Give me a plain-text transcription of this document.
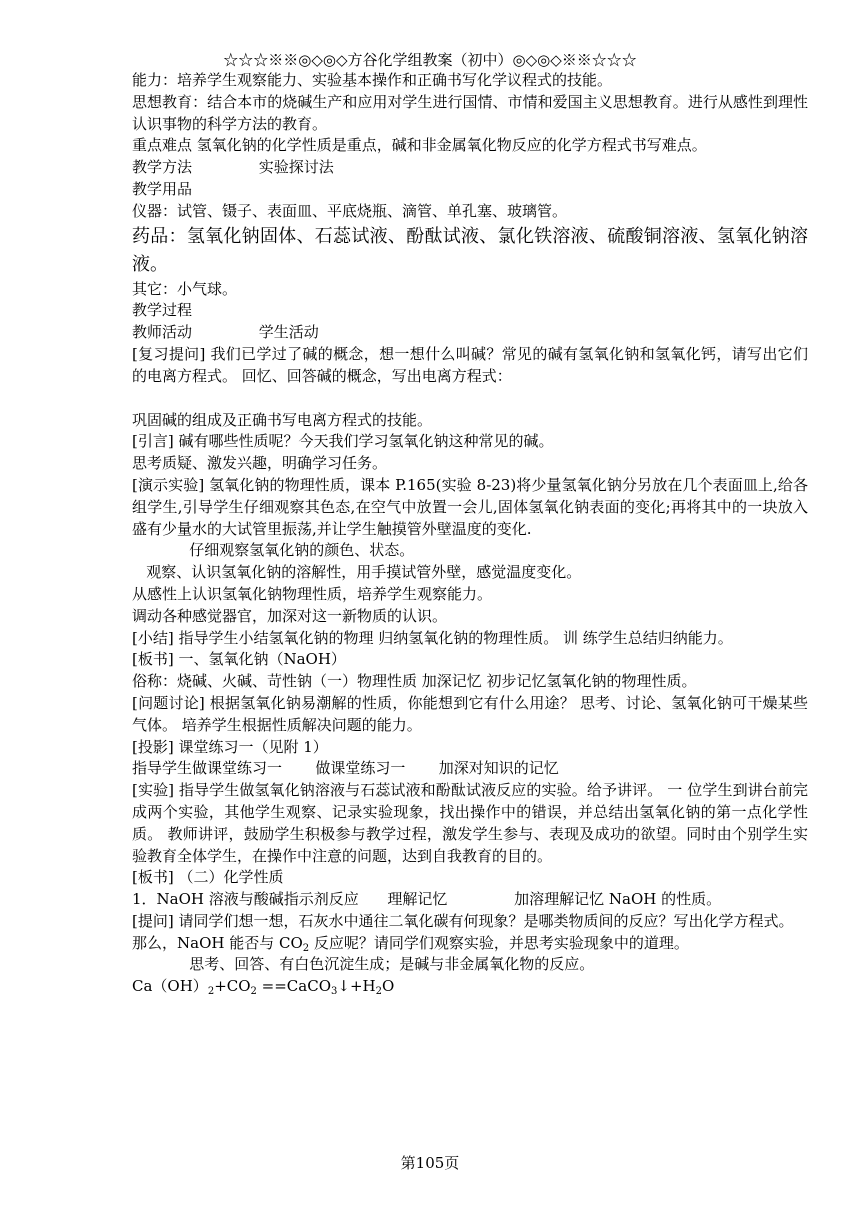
☆☆☆※※◎◇◎◇方谷化学组教案（初中）◎◇◎◇※※☆☆☆
能力：培养学生观察能力、实验基本操作和正确书写化学议程式的技能。
思想教育：结合本市的烧碱生产和应用对学生进行国情、市情和爱国主义思想教育。进行从感性到理性认识事物的科学方法的教育。
重点难点 氢氧化钠的化学性质是重点，碱和非金属氧化物反应的化学方程式书写难点。
教学方法              实验探讨法
教学用品
仪器：试管、镊子、表面皿、平底烧瓶、滴管、单孔塞、玻璃管。
药品：氢氧化钠固体、石蕊试液、酚酞试液、氯化铁溶液、硫酸铜溶液、氢氧化钠溶液。
其它：小气球。
教学过程
教师活动              学生活动
[复习提问] 我们已学过了碱的概念，想一想什么叫碱？常见的碱有氢氧化钠和氢氧化钙，请写出它们的电离方程式。 回忆、回答碱的概念，写出电离方程式：
巩固碱的组成及正确书写电离方程式的技能。
[引言] 碱有哪些性质呢？今天我们学习氢氧化钠这种常见的碱。
思考质疑、激发兴趣，明确学习任务。
[演示实验] 氢氧化钠的物理性质，课本 P.165(实验 8-23)将少量氢氧化钠分另放在几个表面皿上,给各组学生,引导学生仔细观察其色态,在空气中放置一会儿,固体氢氧化钠表面的变化;再将其中的一块放入盛有少量水的大试管里振荡,并让学生触摸管外壁温度的变化.
仔细观察氢氧化钠的颜色、状态。
观察、认识氢氧化钠的溶解性，用手摸试管外壁，感觉温度变化。
从感性上认识氢氧化钠物理性质，培养学生观察能力。
调动各种感觉器官，加深对这一新物质的认识。
[小结] 指导学生小结氢氧化钠的物理 归纳氢氧化钠的物理性质。 训 练学生总结归纳能力。
[板书] 一、氢氧化钠（NaOH）
俗称：烧碱、火碱、苛性钠（一）物理性质 加深记忆 初步记忆氢氧化钠的物理性质。
[问题讨论] 根据氢氧化钠易潮解的性质，你能想到它有什么用途？ 思考、讨论、氢氧化钠可干燥某些气体。 培养学生根据性质解决问题的能力。
[投影] 课堂练习一（见附 1）
指导学生做课堂练习一       做课堂练习一       加深对知识的记忆
[实验] 指导学生做氢氧化钠溶液与石蕊试液和酚酞试液反应的实验。给予讲评。 一 位学生到讲台前完成两个实验，其他学生观察、记录实验现象，找出操作中的错误，并总结出氢氧化钠的第一点化学性质。 教师讲评，鼓励学生积极参与教学过程，激发学生参与、表现及成功的欲望。同时由个别学生实验教育全体学生，在操作中注意的问题，达到自我教育的目的。
[板书] （二）化学性质
1．NaOH 溶液与酸碱指示剂反应      理解记忆              加溶理解记忆 NaOH 的性质。
[提问] 请同学们想一想，石灰水中通往二氧化碳有何现象？是哪类物质间的反应？写出化学方程式。
那么，NaOH 能否与 $CO_2$ 反应呢？请同学们观察实验，并思考实验现象中的道理。
思考、回答、有白色沉淀生成；是碱与非金属氧化物的反应。
$Ca(OH)_2+CO_2$ $==CaCO_3↓+H_2O$
第105页
